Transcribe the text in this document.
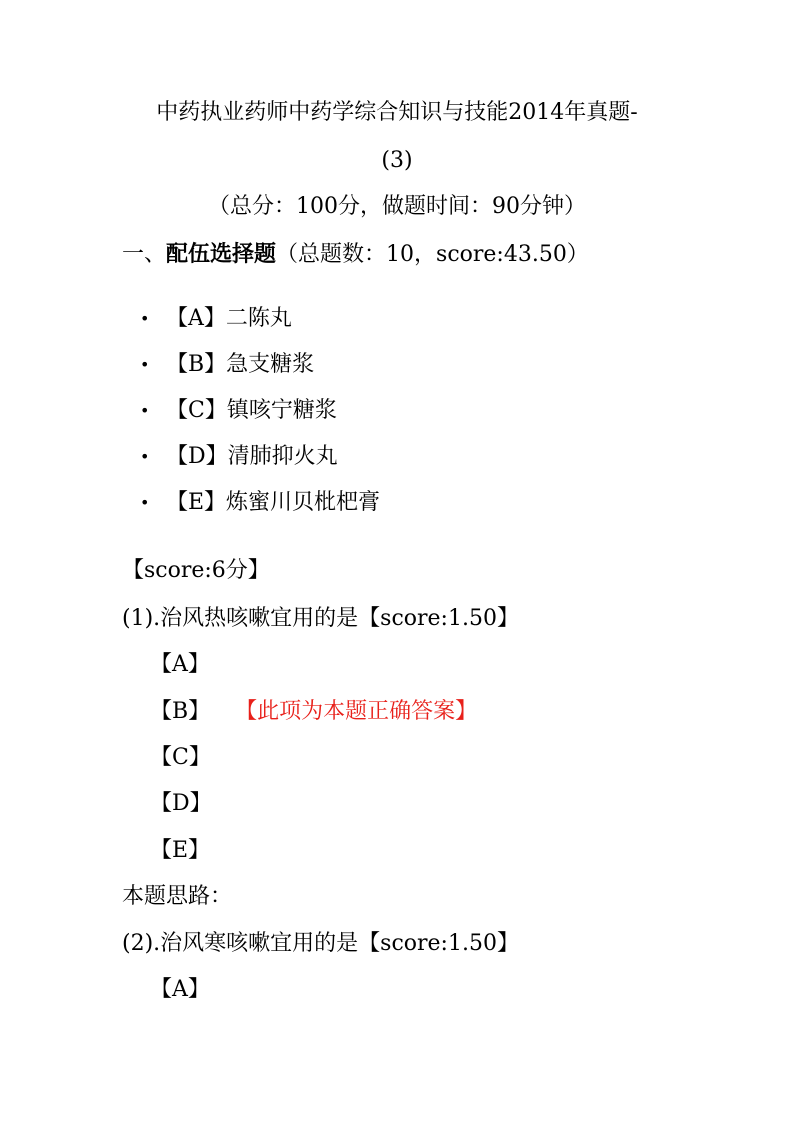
中药执业药师中药学综合知识与技能2014年真题-
(3)
（总分：100分，做题时间：90分钟）
一、配伍选择题（总题数：10，score:43.50）
• 【A】二陈丸
• 【B】急支糖浆
• 【C】镇咳宁糖浆
• 【D】清肺抑火丸
• 【E】炼蜜川贝枇杷膏
【score:6分】
(1).治风热咳嗽宜用的是【score:1.50】
【A】
【B】 【此项为本题正确答案】
【C】
【D】
【E】
本题思路：
(2).治风寒咳嗽宜用的是【score:1.50】
【A】
